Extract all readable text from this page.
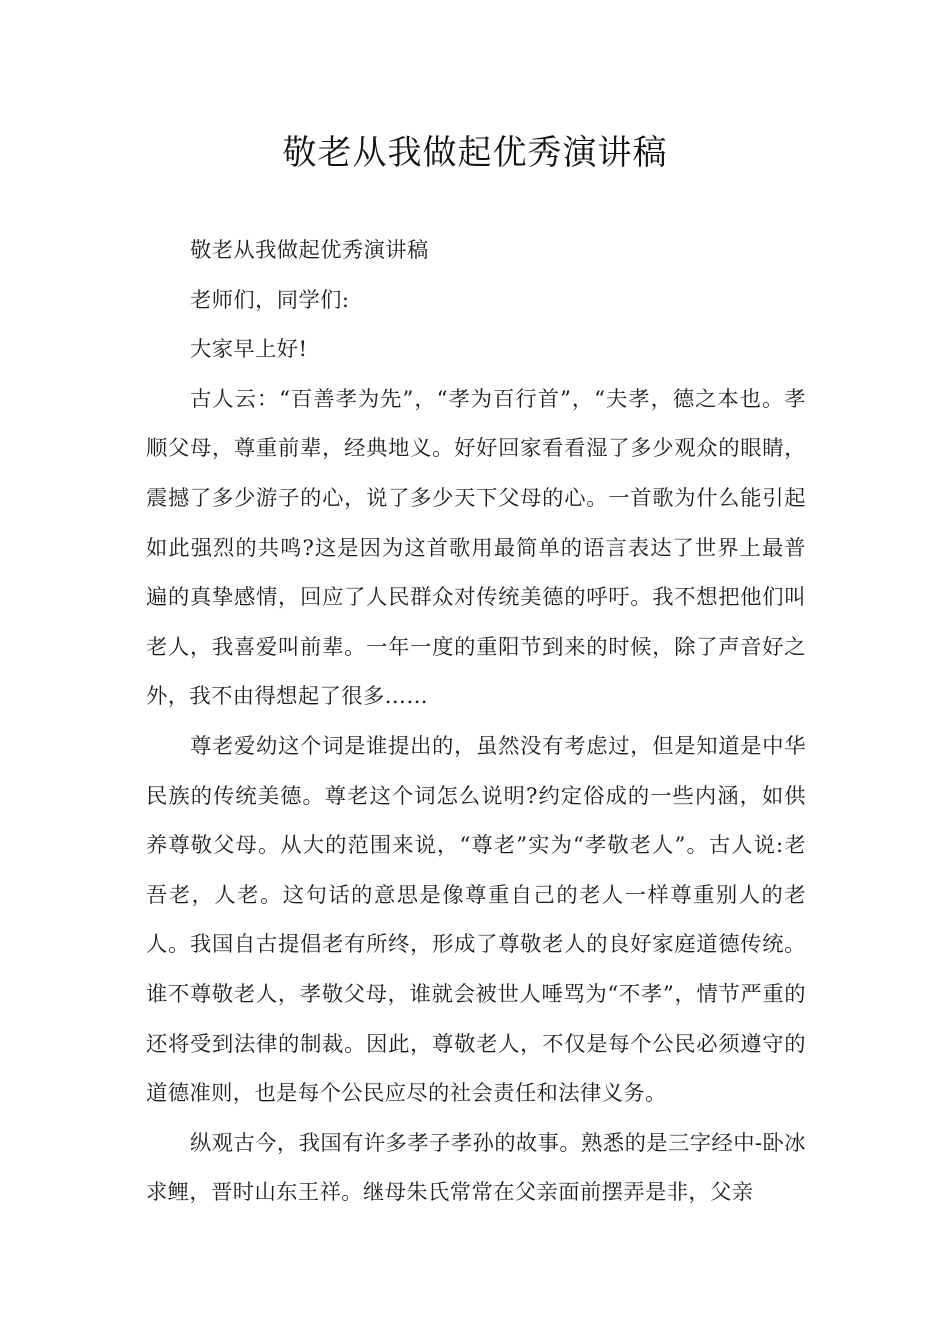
敬老从我做起优秀演讲稿

敬老从我做起优秀演讲稿

老师们，同学们:

大家早上好!

古人云：“百善孝为先”，“孝为百行首”，“夫孝，德之本也。孝顺父母，尊重前辈，经典地义。好好回家看看湿了多少观众的眼睛，震撼了多少游子的心，说了多少天下父母的心。一首歌为什么能引起如此强烈的共鸣?这是因为这首歌用最简单的语言表达了世界上最普遍的真挚感情，回应了人民群众对传统美德的呼吁。我不想把他们叫老人，我喜爱叫前辈。一年一度的重阳节到来的时候，除了声音好之外，我不由得想起了很多……

尊老爱幼这个词是谁提出的，虽然没有考虑过，但是知道是中华民族的传统美德。尊老这个词怎么说明?约定俗成的一些内涵，如供养尊敬父母。从大的范围来说，“尊老”实为“孝敬老人”。古人说:老吾老，人老。这句话的意思是像尊重自己的老人一样尊重别人的老人。我国自古提倡老有所终，形成了尊敬老人的良好家庭道德传统。谁不尊敬老人，孝敬父母，谁就会被世人唾骂为“不孝”，情节严重的还将受到法律的制裁。因此，尊敬老人，不仅是每个公民必须遵守的道德准则，也是每个公民应尽的社会责任和法律义务。

纵观古今，我国有许多孝子孝孙的故事。熟悉的是三字经中-卧冰求鲤，晋时山东王祥。继母朱氏常常在父亲面前摆弄是非，父亲
